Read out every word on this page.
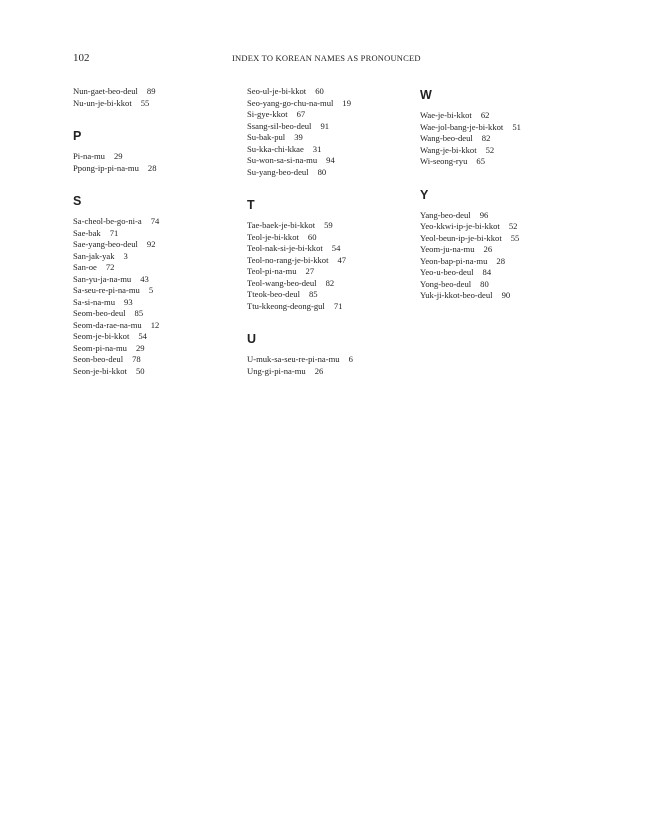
102	INDEX TO KOREAN NAMES AS PRONOUNCED
Nun-gaet-beo-deul 89
Nu-un-je-bi-kkot 55
P
Pi-na-mu 29
Ppong-ip-pi-na-mu 28
S
Sa-cheol-be-go-ni-a 74
Sae-bak 71
Sae-yang-beo-deul 92
San-jak-yak 3
San-oe 72
San-yu-ja-na-mu 43
Sa-seu-re-pi-na-mu 5
Sa-si-na-mu 93
Seom-beo-deul 85
Seom-da-rae-na-mu 12
Seom-je-bi-kkot 54
Seom-pi-na-mu 29
Seon-beo-deul 78
Seon-je-bi-kkot 50
Seo-ul-je-bi-kkot 60
Seo-yang-go-chu-na-mul 19
Si-gye-kkot 67
Ssang-sil-beo-deul 91
Su-bak-pul 39
Su-kka-chi-kkae 31
Su-won-sa-si-na-mu 94
Su-yang-beo-deul 80
T
Tae-baek-je-bi-kkot 59
Teol-je-bi-kkot 60
Teol-nak-si-je-bi-kkot 54
Teol-no-rang-je-bi-kkot 47
Teol-pi-na-mu 27
Teol-wang-beo-deul 82
Tteok-beo-deul 85
Ttu-kkeong-deong-gul 71
U
U-muk-sa-seu-re-pi-na-mu 6
Ung-gi-pi-na-mu 26
W
Wae-je-bi-kkot 62
Wae-jol-bang-je-bi-kkot 51
Wang-beo-deul 82
Wang-je-bi-kkot 52
Wi-seong-ryu 65
Y
Yang-beo-deul 96
Yeo-kkwi-ip-je-bi-kkot 52
Yeol-beun-ip-je-bi-kkot 55
Yeom-ju-na-mu 26
Yeon-bap-pi-na-mu 28
Yeo-u-beo-deul 84
Yong-beo-deul 80
Yuk-ji-kkot-beo-deul 90
